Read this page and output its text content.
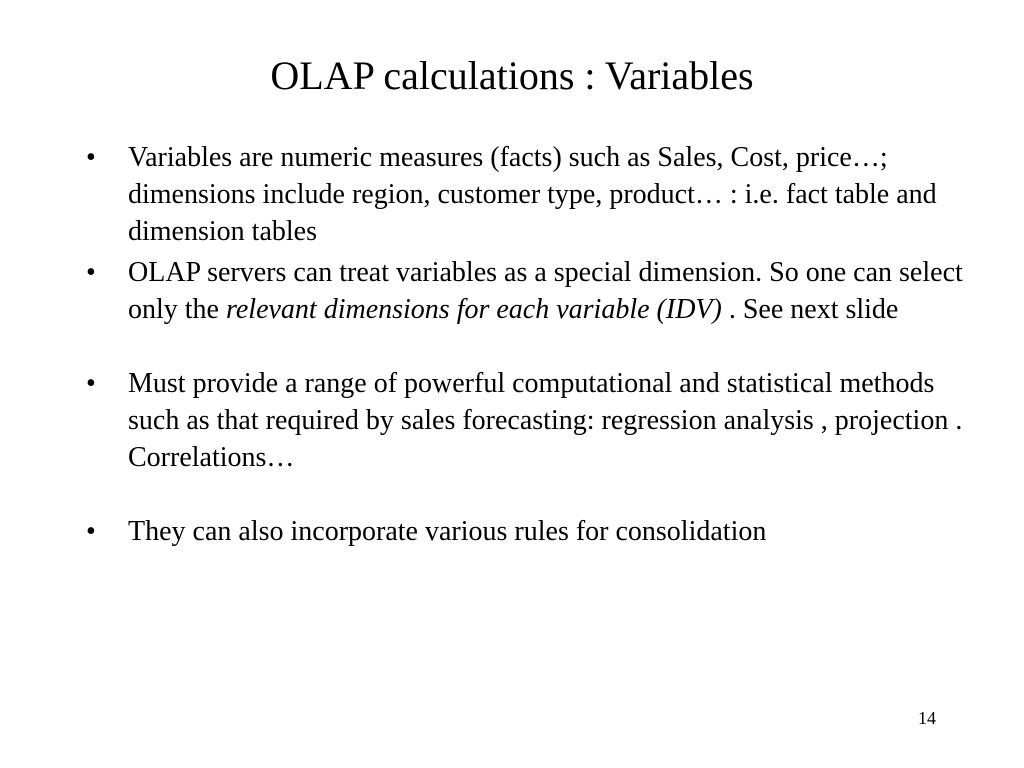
OLAP calculations : Variables
• Variables are numeric measures (facts) such as Sales, Cost, price…; dimensions include region, customer type, product… : i.e. fact table and dimension tables
• OLAP servers can treat variables as a special dimension. So one can select only the relevant dimensions for each variable (IDV) . See next slide
• Must provide a range of powerful computational and statistical methods such as that required by sales forecasting: regression analysis , projection . Correlations…
• They can also incorporate various rules for consolidation
14
